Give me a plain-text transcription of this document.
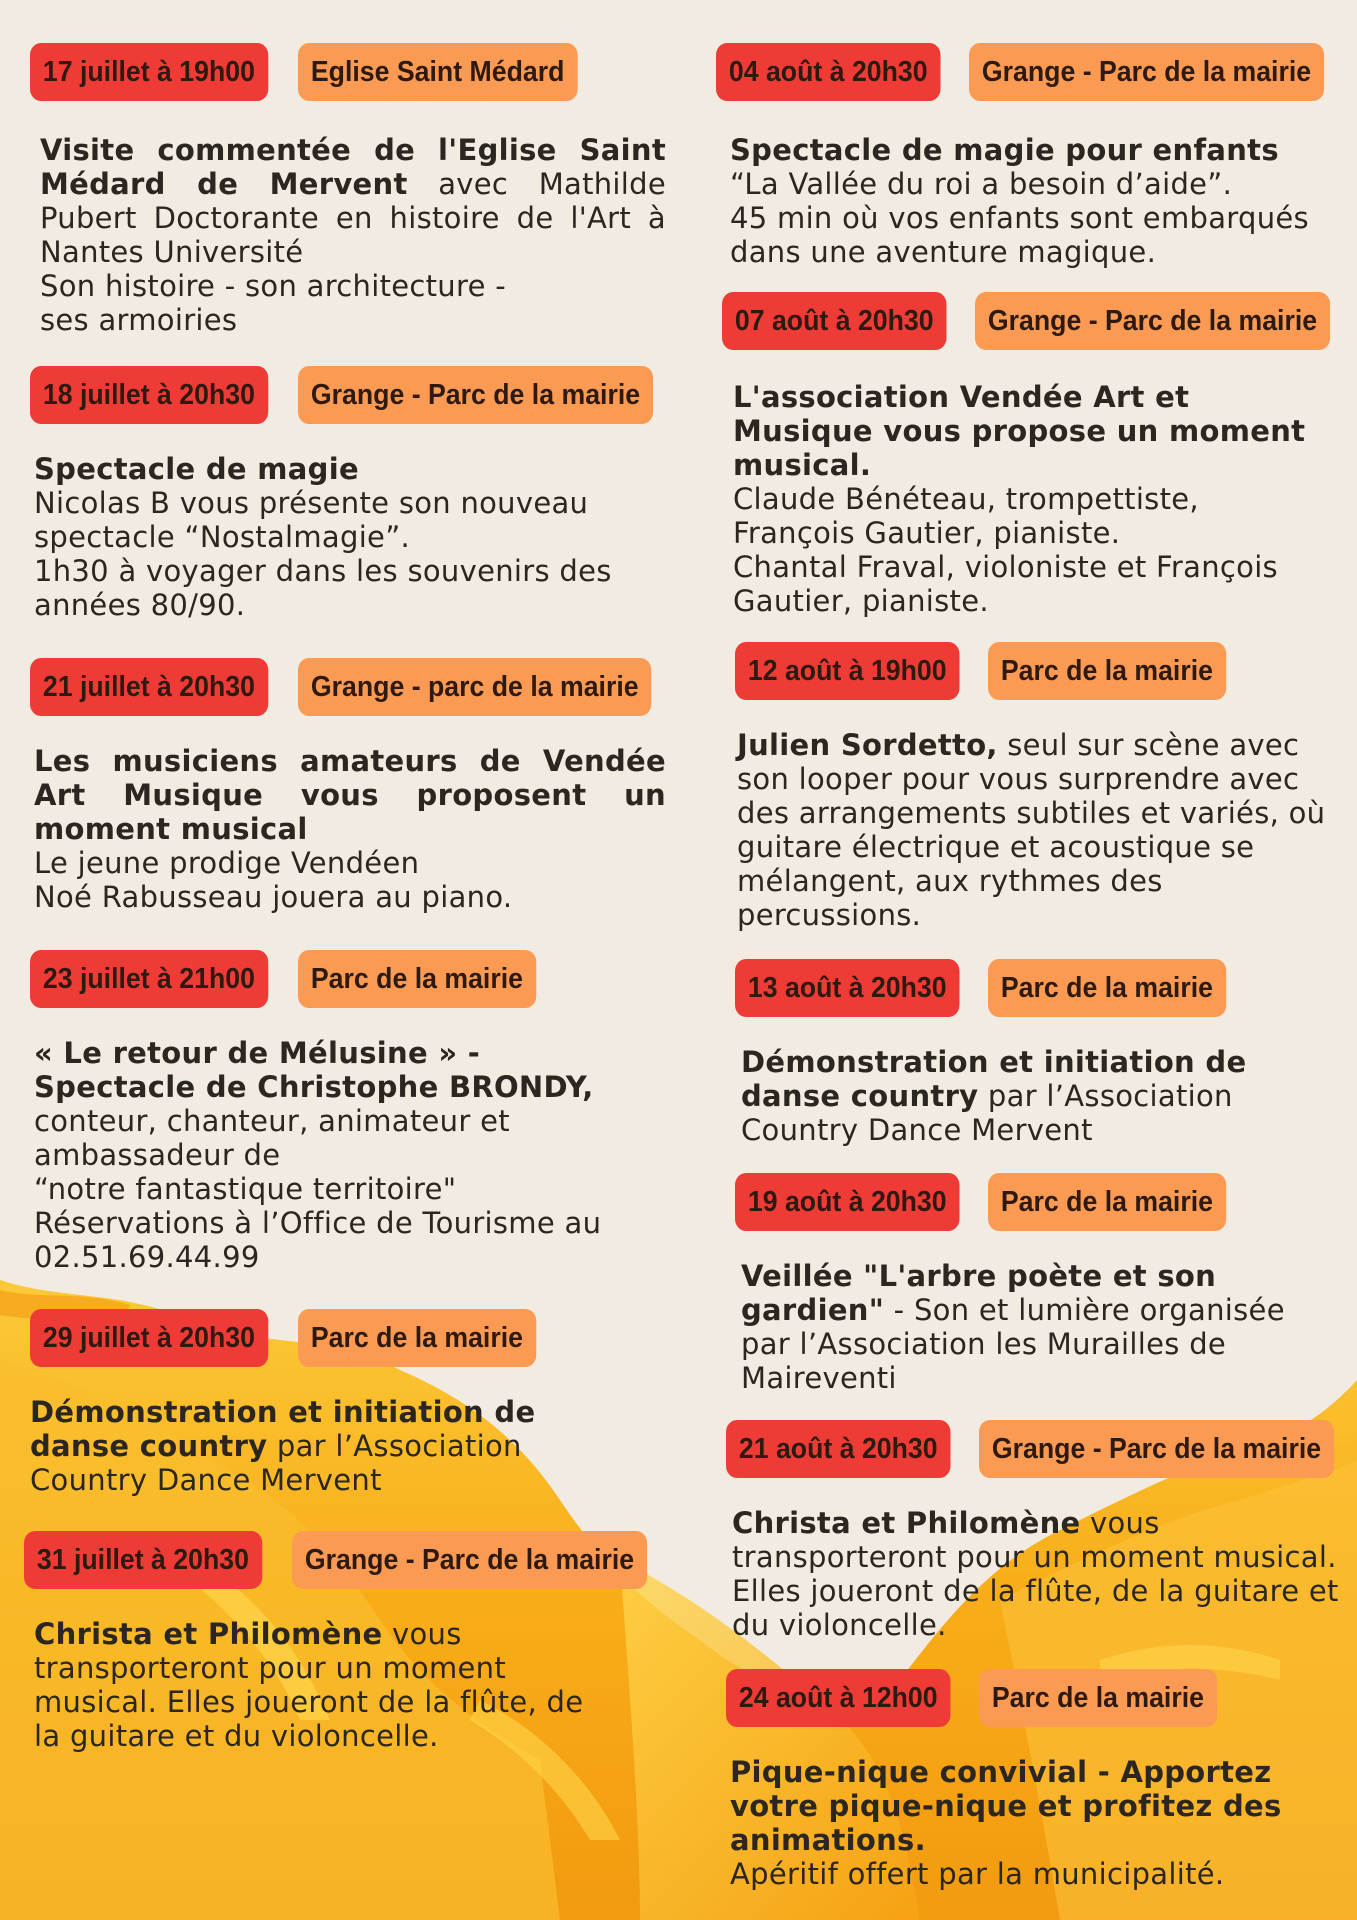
17 juillet à 19h00	Eglise Saint Médard

Visite commentée de l'Eglise Saint Médard de Mervent avec Mathilde Pubert Doctorante en histoire de l'Art à Nantes Université

Son histoire - son architecture -

ses armoiries

18 juillet à 20h30	Grange - Parc de la mairie

Spectacle de magie

Nicolas B vous présente son nouveau

spectacle “Nostalmagie”.

1h30 à voyager dans les souvenirs des

années 80/90.

21 juillet à 20h30	Grange - parc de la mairie

Les musiciens amateurs de Vendée Art Musique vous proposent un moment musical

Le jeune prodige Vendéen

Noé Rabusseau jouera au piano.

23 juillet à 21h00	Parc de la mairie

« Le retour de Mélusine » -

Spectacle de Christophe BRONDY,

conteur, chanteur, animateur et

ambassadeur de

“notre fantastique territoire"

Réservations à l’Office de Tourisme au

02.51.69.44.99

29 juillet à 20h30	Parc de la mairie

Démonstration et initiation de danse country par l’Association Country Dance Mervent

31 juillet à 20h30	Grange - Parc de la mairie

Christa et Philomène vous transporteront pour un moment musical. Elles joueront de la flûte, de la guitare et du violoncelle.

04 août à 20h30	Grange - Parc de la mairie

Spectacle de magie pour enfants

“La Vallée du roi a besoin d’aide”.

45 min où vos enfants sont embarqués

dans une aventure magique.

07 août à 20h30	Grange - Parc de la mairie

L'association Vendée Art et Musique vous propose un moment musical.

Claude Bénéteau, trompettiste,

François Gautier, pianiste.

Chantal Fraval, violoniste et François

Gautier, pianiste.

12 août à 19h00	Parc de la mairie

Julien Sordetto, seul sur scène avec son looper pour vous surprendre avec des arrangements subtiles et variés, où guitare électrique et acoustique se mélangent, aux rythmes des percussions.

13 août à 20h30	Parc de la mairie

Démonstration et initiation de danse country par l’Association Country Dance Mervent

19 août à 20h30	Parc de la mairie

Veillée "L'arbre poète et son gardien" - Son et lumière organisée par l’Association les Murailles de Maireventi

21 août à 20h30	Grange - Parc de la mairie

Christa et Philomène vous transporteront pour un moment musical. Elles joueront de la flûte, de la guitare et du violoncelle.

24 août à 12h00	Parc de la mairie

Pique-nique convivial - Apportez votre pique-nique et profitez des animations.

Apéritif offert par la municipalité.
